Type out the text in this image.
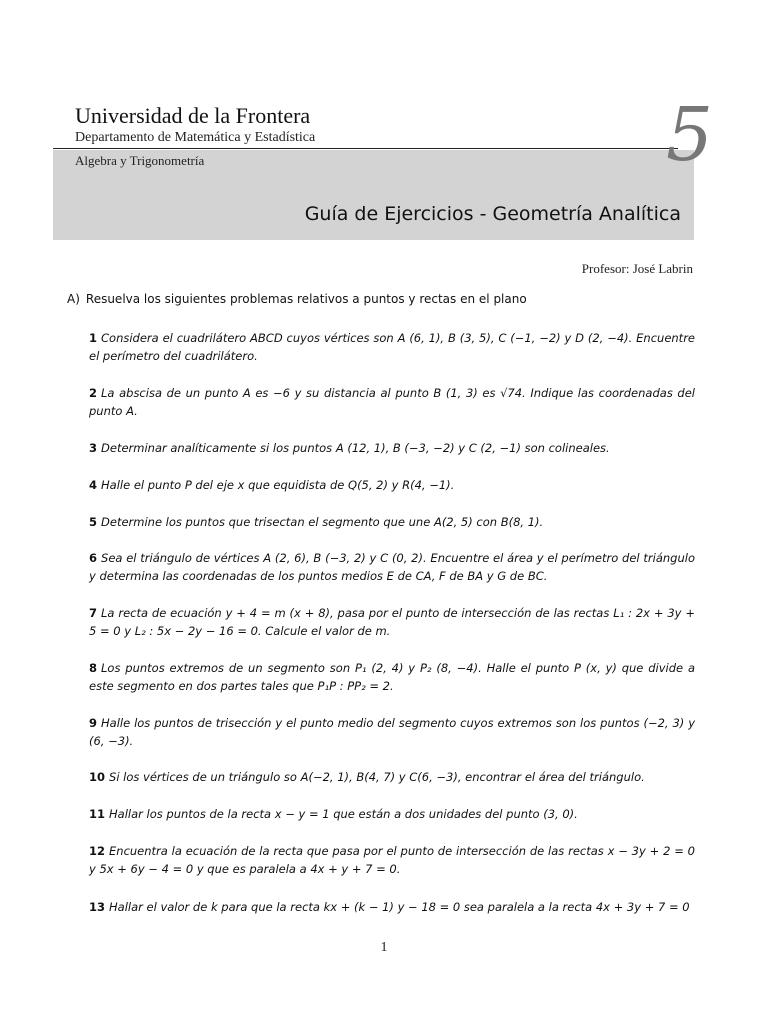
Universidad de la Frontera
Departamento de Matemática y Estadística
Algebra y Trigonometría	5
Guía de Ejercicios - Geometría Analítica
Profesor: José Labrin
A) Resuelva los siguientes problemas relativos a puntos y rectas en el plano
1 Considera el cuadrilátero ABCD cuyos vértices son A (6, 1), B (3, 5), C (−1, −2) y D (2, −4). Encuentre el perímetro del cuadrilátero.
2 La abscisa de un punto A es −6 y su distancia al punto B (1, 3) es √74. Indique las coordenadas del punto A.
3 Determinar analíticamente si los puntos A (12, 1), B (−3, −2) y C (2, −1) son colineales.
4 Halle el punto P del eje x que equidista de Q(5, 2) y R(4, −1).
5 Determine los puntos que trisectan el segmento que une A(2, 5) con B(8, 1).
6 Sea el triángulo de vértices A (2, 6), B (−3, 2) y C (0, 2). Encuentre el área y el perímetro del triángulo y determina las coordenadas de los puntos medios E de CA, F de BA y G de BC.
7 La recta de ecuación y + 4 = m (x + 8), pasa por el punto de intersección de las rectas L₁ : 2x + 3y + 5 = 0 y L₂ : 5x − 2y − 16 = 0. Calcule el valor de m.
8 Los puntos extremos de un segmento son P₁ (2, 4) y P₂ (8, −4). Halle el punto P (x, y) que divide a este segmento en dos partes tales que P₁P : PP₂ = 2.
9 Halle los puntos de trisección y el punto medio del segmento cuyos extremos son los puntos (−2, 3) y (6, −3).
10 Si los vértices de un triángulo so A(−2, 1), B(4, 7) y C(6, −3), encontrar el área del triángulo.
11 Hallar los puntos de la recta x − y = 1 que están a dos unidades del punto (3, 0).
12 Encuentra la ecuación de la recta que pasa por el punto de intersección de las rectas x − 3y + 2 = 0 y 5x + 6y − 4 = 0 y que es paralela a 4x + y + 7 = 0.
13 Hallar el valor de k para que la recta kx + (k − 1) y − 18 = 0 sea paralela a la recta 4x + 3y + 7 = 0
1
